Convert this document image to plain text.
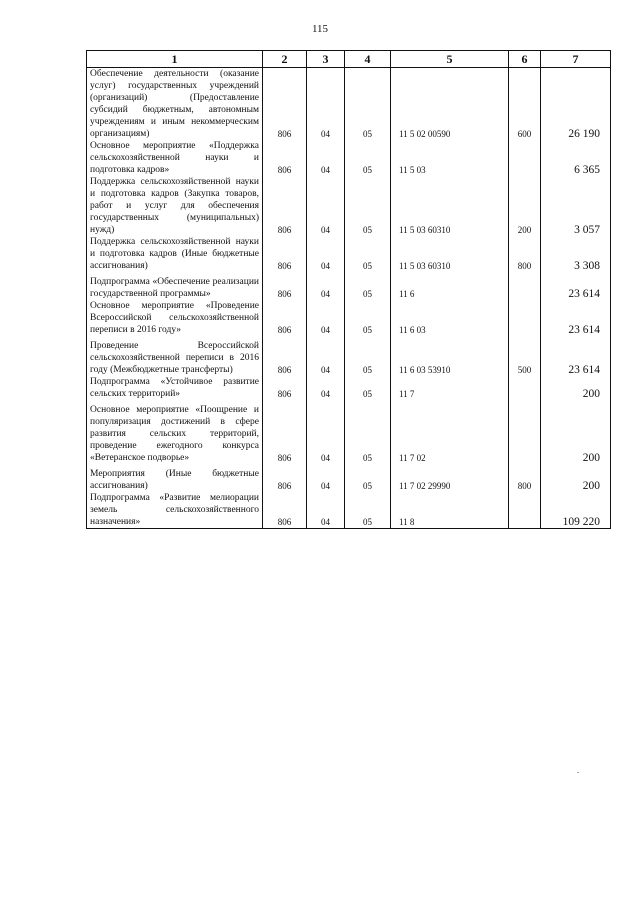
115
1	2	3	4	5	6	7
Обеспечение деятельности (оказание услуг) государственных учреждений (организаций) (Предоставление субсидий бюджетным, автономным учреждениям и иным некоммерческим организациям)	806	04	05	11 5 02 00590	600	26 190
Основное мероприятие «Поддержка сельскохозяйственной науки и подготовка кадров»	806	04	05	11 5 03		6 365
Поддержка сельскохозяйственной науки и подготовка кадров (Закупка товаров, работ и услуг для обеспечения государственных (муниципальных) нужд)	806	04	05	11 5 03 60310	200	3 057
Поддержка сельскохозяйственной науки и подготовка кадров (Иные бюджетные ассигнования)	806	04	05	11 5 03 60310	800	3 308

Подпрограмма «Обеспечение реализации государственной программы»	806	04	05	11 6		23 614
Основное мероприятие «Проведение Всероссийской сельскохозяйственной переписи в 2016 году»	806	04	05	11 6 03		23 614

Проведение Всероссийской сельскохозяйственной переписи в 2016 году (Межбюджетные трансферты)	806	04	05	11 6 03 53910	500	23 614
Подпрограмма «Устойчивое развитие сельских территорий»	806	04	05	11 7		200

Основное мероприятие «Поощрение и популяризация достижений в сфере развития сельских территорий, проведение ежегодного конкурса «Ветеранское подворье»	806	04	05	11 7 02		200

Мероприятия (Иные бюджетные ассигнования)	806	04	05	11 7 02 29990	800	200
Подпрограмма «Развитие мелиорации земель сельскохозяйственного назначения»	806	04	05	11 8		109 220
.
